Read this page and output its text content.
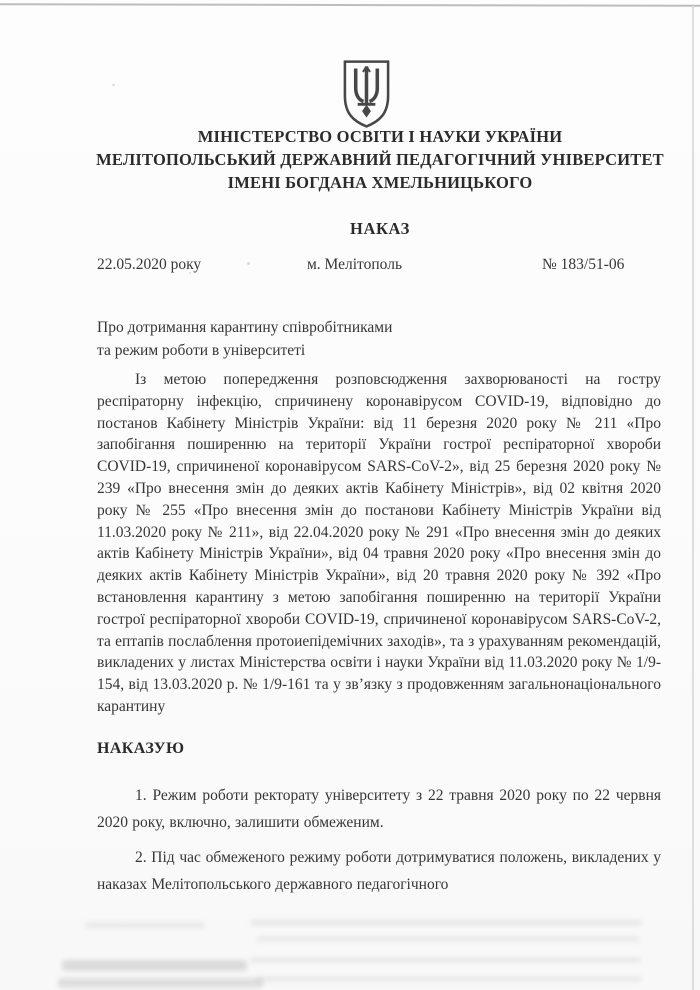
МІНІСТЕРСТВО ОСВІТИ І НАУКИ УКРАЇНИ
МЕЛІТОПОЛЬСЬКИЙ ДЕРЖАВНИЙ ПЕДАГОГІЧНИЙ УНІВЕРСИТЕТ
ІМЕНІ БОГДАНА ХМЕЛЬНИЦЬКОГО
НАКАЗ
22.05.2020 року	м. Мелітополь	№ 183/51-06
Про дотримання карантину співробітниками
та режим роботи в університеті

Із метою попередження розповсюдження захворюваності на гостру респіраторну інфекцію, спричинену коронавірусом COVID-19, відповідно до постанов Кабінету Міністрів України: від 11 березня 2020 року № 211 «Про запобігання поширенню на території України гострої респіраторної хвороби COVID-19, спричиненої коронавірусом SARS-CoV-2», від 25 березня 2020 року № 239 «Про внесення змін до деяких актів Кабінету Міністрів», від 02 квітня 2020 року № 255 «Про внесення змін до постанови Кабінету Міністрів України від 11.03.2020 року № 211», від 22.04.2020 року № 291 «Про внесення змін до деяких актів Кабінету Міністрів України», від 04 травня 2020 року «Про внесення змін до деяких актів Кабінету Міністрів України», від 20 травня 2020 року № 392 «Про встановлення карантину з метою запобігання поширенню на території України гострої респіраторної хвороби COVID-19, спричиненої коронавірусом SARS-CoV-2, та ептапів послаблення протоиепідемічних заходів», та з урахуванням рекомендацій, викладених у листах Міністерства освіти і науки України від 11.03.2020 року № 1/9-154, від 13.03.2020 р. № 1/9-161 та у зв’язку з продовженням загальнонаціонального карантину

НАКАЗУЮ

1. Режим роботи ректорату університету з 22 травня 2020 року по 22 червня 2020 року, включно, залишити обмеженим.

2. Під час обмеженого режиму роботи дотримуватися положень, викладених у наказах Мелітопольського державного педагогічного
